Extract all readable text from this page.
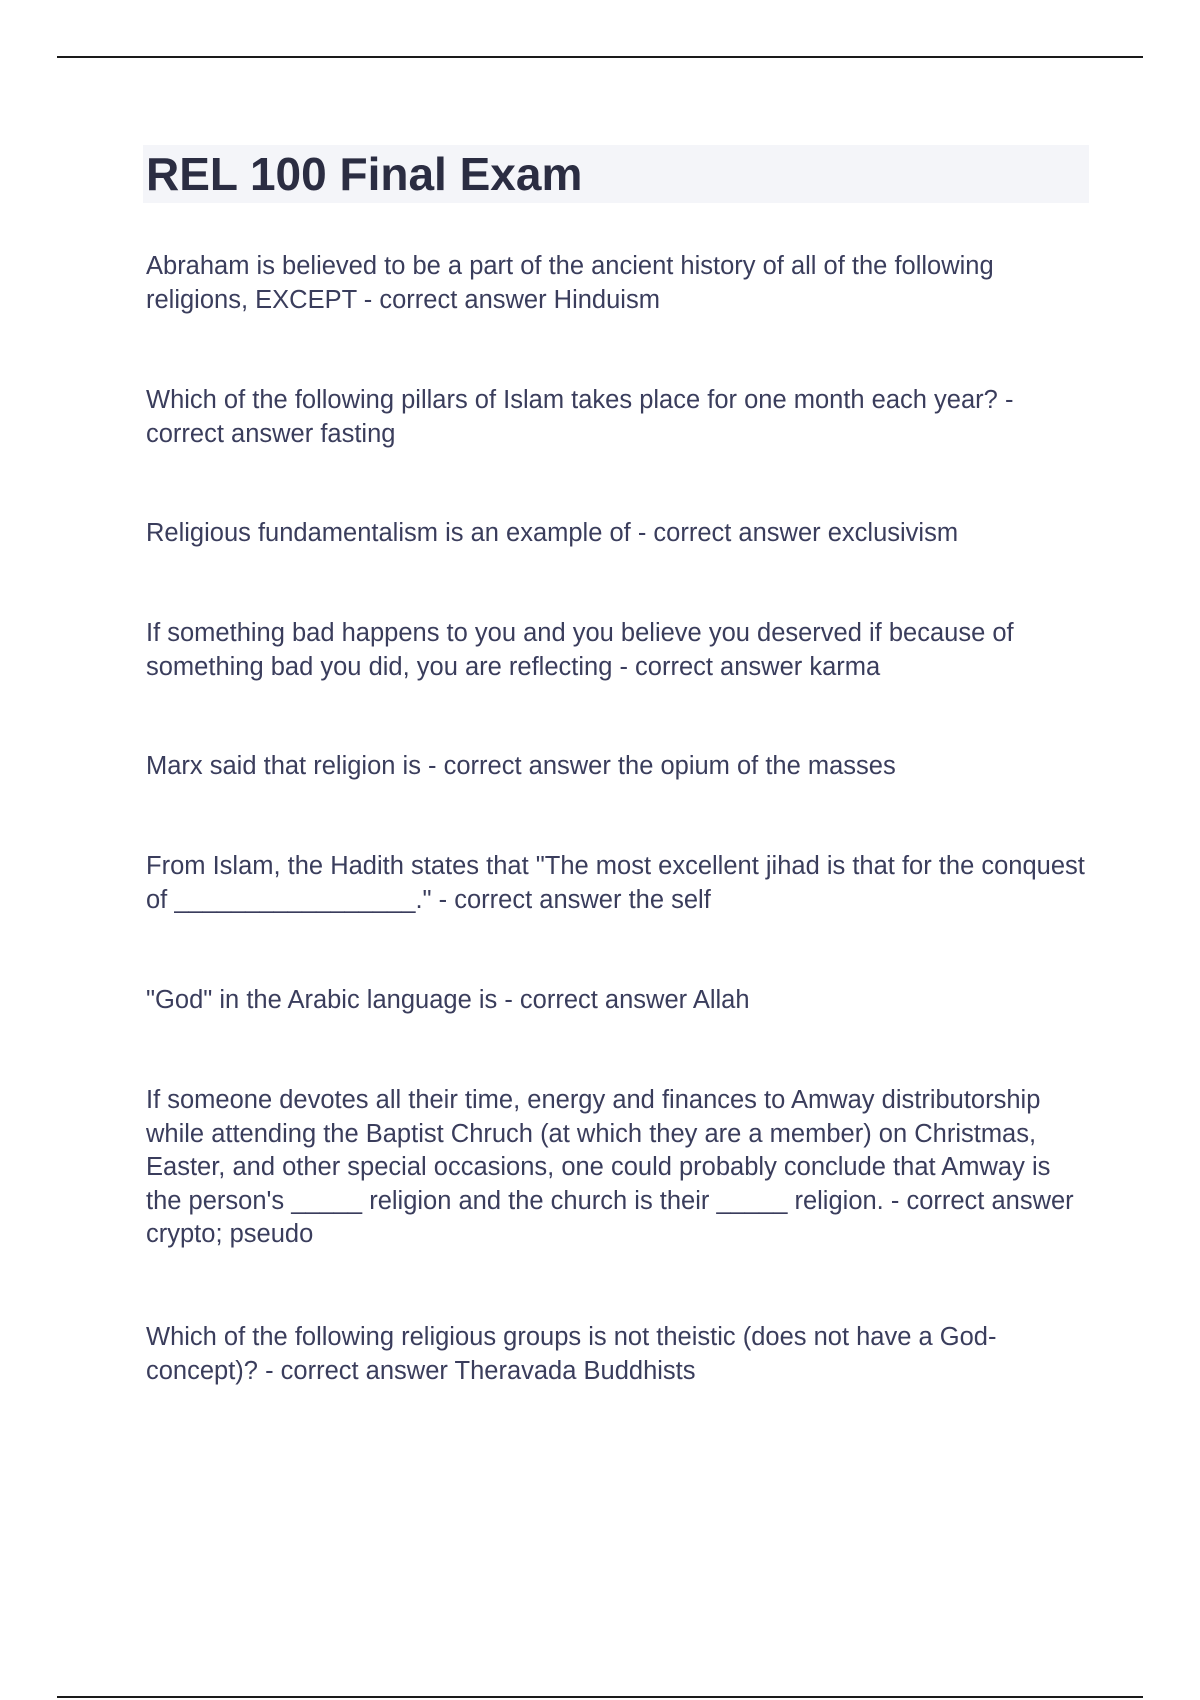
REL 100 Final Exam

Abraham is believed to be a part of the ancient history of all of the following religions, EXCEPT - correct answer Hinduism

Which of the following pillars of Islam takes place for one month each year? - correct answer fasting

Religious fundamentalism is an example of - correct answer exclusivism

If something bad happens to you and you believe you deserved if because of something bad you did, you are reflecting - correct answer karma

Marx said that religion is - correct answer the opium of the masses

From Islam, the Hadith states that "The most excellent jihad is that for the conquest of _________________." - correct answer the self

"God" in the Arabic language is - correct answer Allah

If someone devotes all their time, energy and finances to Amway distributorship while attending the Baptist Chruch (at which they are a member) on Christmas, Easter, and other special occasions, one could probably conclude that Amway is the person's _____ religion and the church is their _____ religion. - correct answer crypto; pseudo

Which of the following religious groups is not theistic (does not have a God-concept)? - correct answer Theravada Buddhists
